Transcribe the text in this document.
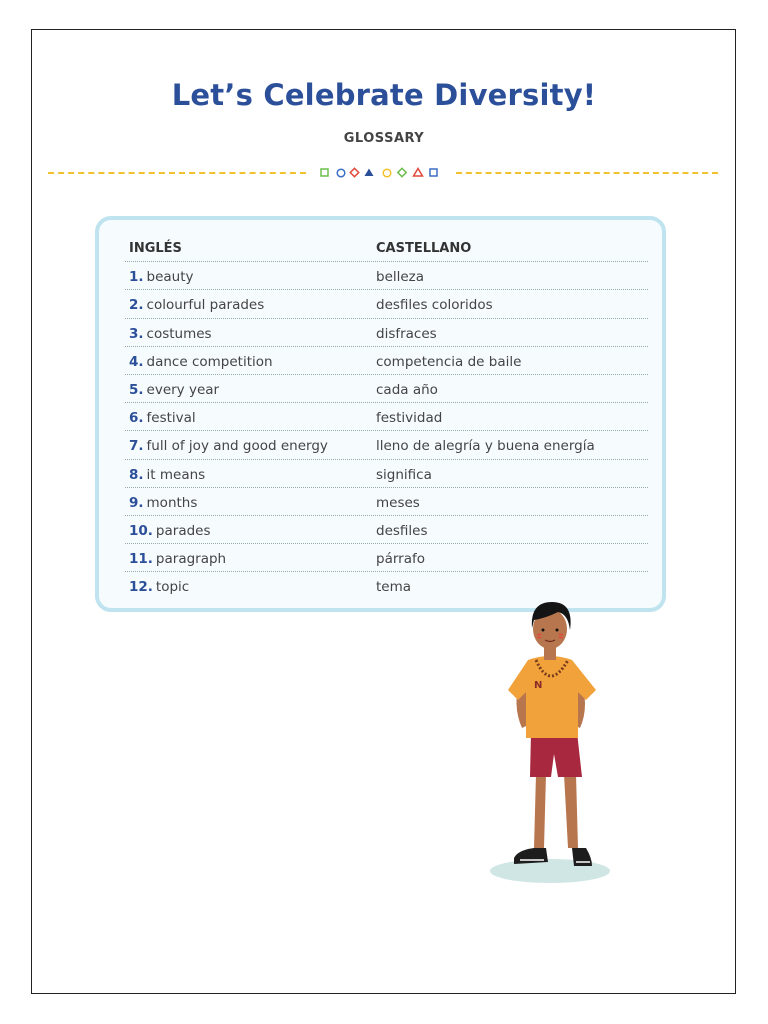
Let’s Celebrate Diversity!
GLOSSARY
INGLÉS	CASTELLANO
1. beauty	belleza
2. colourful parades	desfiles coloridos
3. costumes	disfraces
4. dance competition	competencia de baile
5. every year	cada año
6. festival	festividad
7. full of joy and good energy	lleno de alegría y buena energía
8. it means	significa
9. months	meses
10. parades	desfiles
11. paragraph	párrafo
12. topic	tema
N
